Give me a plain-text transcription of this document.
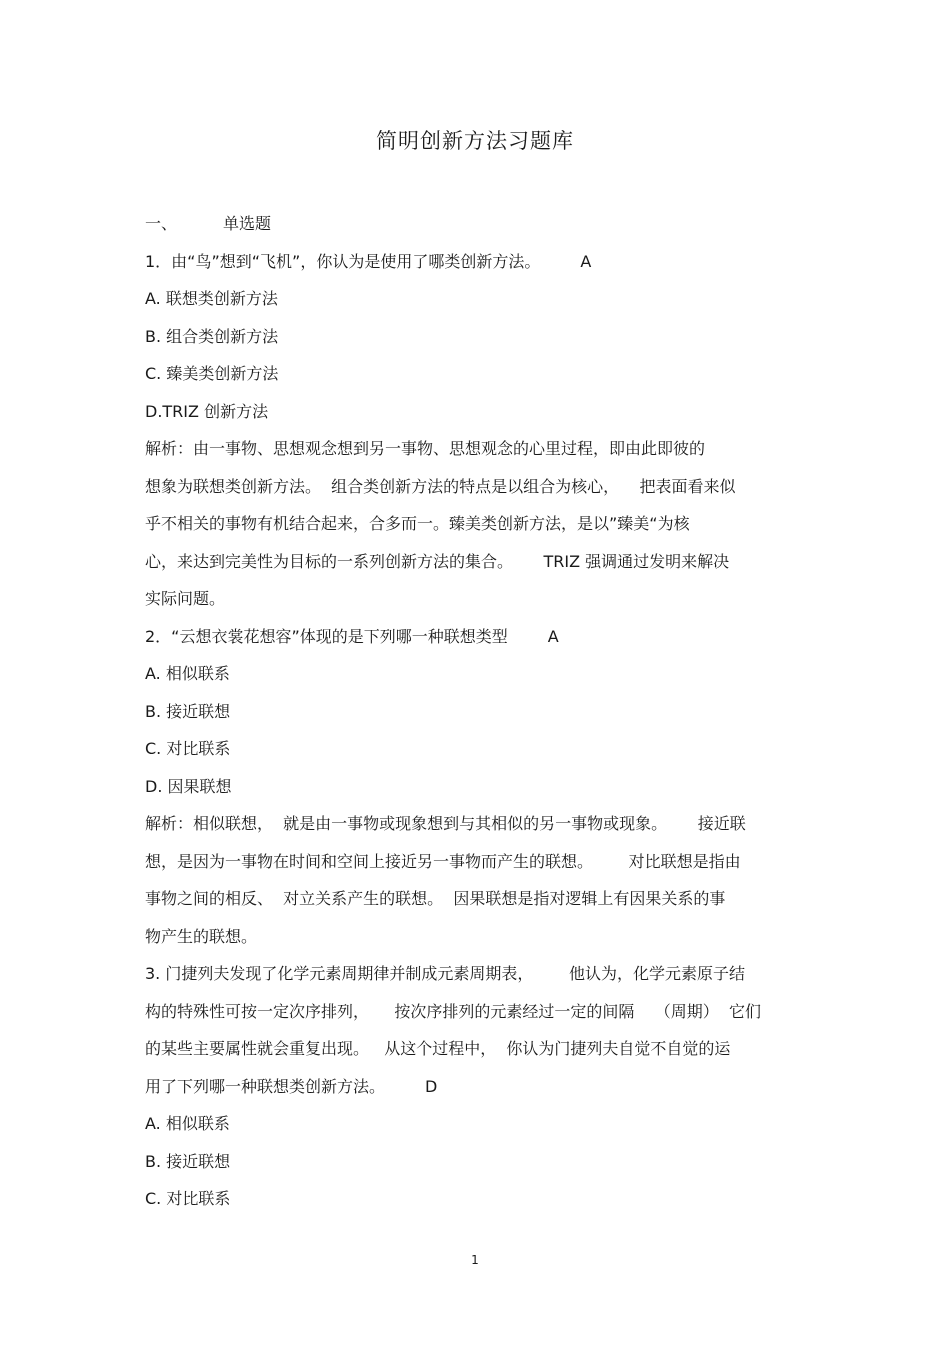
简明创新方法习题库
一、	单选题
1．由“鸟”想到“飞机”，你认为是使用了哪类创新方法。	A
A. 联想类创新方法
B. 组合类创新方法
C. 臻美类创新方法
D.TRIZ 创新方法
解析：由一事物、思想观念想到另一事物、思想观念的心里过程，即由此即彼的
想象为联想类创新方法。  组合类创新方法的特点是以组合为核心，    把表面看来似
乎不相关的事物有机结合起来，合多而一。臻美类创新方法，是以”臻美“为核
心，来达到完美性为目标的一系列创新方法的集合。      TRIZ 强调通过发明来解决
实际问题。
2．“云想衣裳花想容”体现的是下列哪一种联想类型	A
A. 相似联系
B. 接近联想
C. 对比联系
D. 因果联想
解析：相似联想，  就是由一事物或现象想到与其相似的另一事物或现象。      接近联
想，是因为一事物在时间和空间上接近另一事物而产生的联想。       对比联想是指由
事物之间的相反、  对立关系产生的联想。  因果联想是指对逻辑上有因果关系的事
物产生的联想。
3. 门捷列夫发现了化学元素周期律并制成元素周期表，       他认为，化学元素原子结
构的特殊性可按一定次序排列，     按次序排列的元素经过一定的间隔    （周期）  它们
的某些主要属性就会重复出现。   从这个过程中，  你认为门捷列夫自觉不自觉的运
用了下列哪一种联想类创新方法。	D
A. 相似联系
B. 接近联想
C. 对比联系
1
